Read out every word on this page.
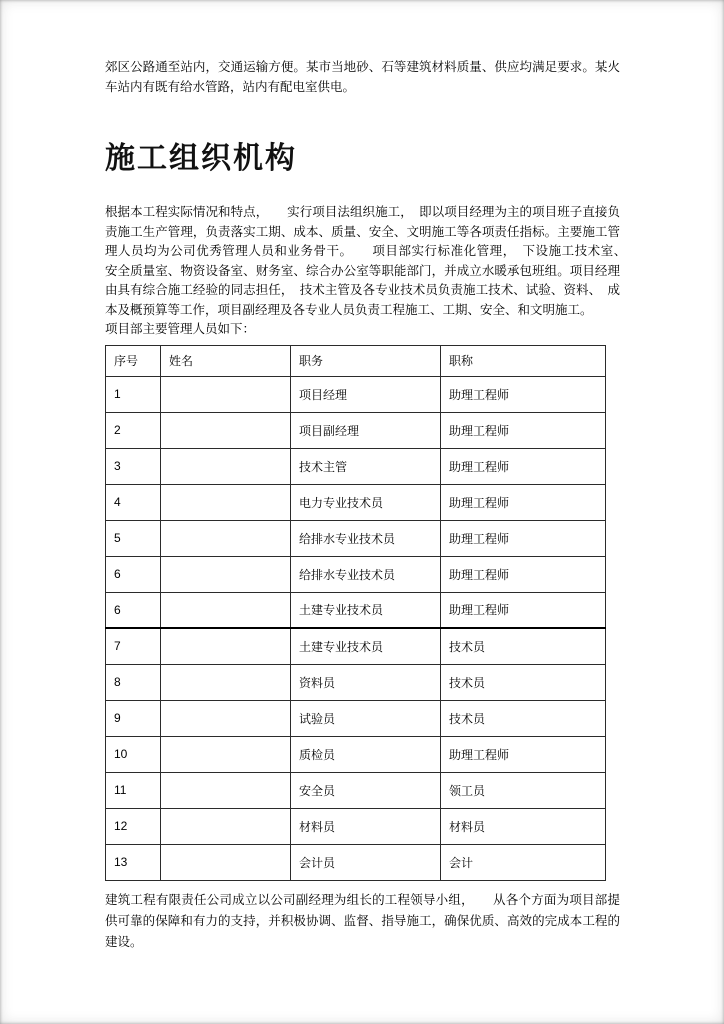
郊区公路通至站内，交通运输方便。某市当地砂、石等建筑材料质量、供应均满足要求。某火车站内有既有给水管路，站内有配电室供电。

施工组织机构

根据本工程实际情况和特点，　　实行项目法组织施工，　即以项目经理为主的项目班子直接负责施工生产管理，负责落实工期、成本、质量、安全、文明施工等各项责任指标。主要施工管理人员均为公司优秀管理人员和业务骨干。　　项目部实行标准化管理，　下设施工技术室、　安全质量室、物资设备室、财务室、综合办公室等职能部门，并成立水暖承包班组。项目经理由具有综合施工经验的同志担任，　技术主管及各专业技术员负责施工技术、试验、资料、　成本及概预算等工作，项目副经理及各专业人员负责工程施工、工期、安全、和文明施工。

项目部主要管理人员如下：

序号	姓名	职务	职称
1		项目经理	助理工程师
2		项目副经理	助理工程师
3		技术主管	助理工程师
4		电力专业技术员	助理工程师
5		给排水专业技术员	助理工程师
6		给排水专业技术员	助理工程师
6		土建专业技术员	助理工程师
7		土建专业技术员	技术员
8		资料员	技术员
9		试验员	技术员
10		质检员	助理工程师
11		安全员	领工员
12		材料员	材料员
13		会计员	会计

建筑工程有限责任公司成立以公司副经理为组长的工程领导小组，　　从各个方面为项目部提供可靠的保障和有力的支持，并积极协调、监督、指导施工，确保优质、高效的完成本工程的建设。
